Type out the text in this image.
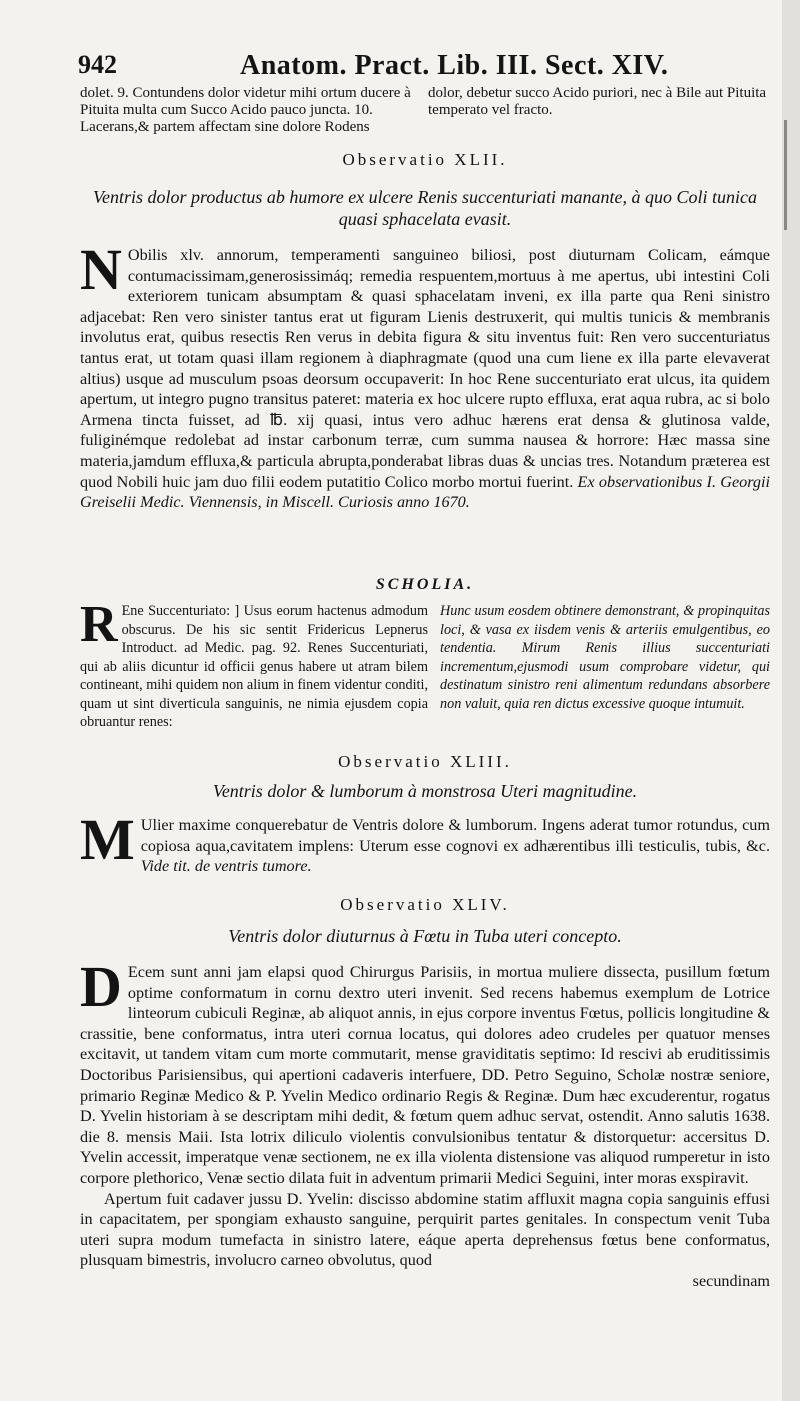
942	Anatom. Pract. Lib. III. Sect. XIV.
dolet. 9. Contundens dolor videtur mihi ortum ducere à Pituita multa cum Succo Acido pauco juncta. 10. Lacerans,& partem affectam sine dolore Rodens
dolor, debetur succo Acido puriori, nec à Bile aut Pituita temperato vel fracto.
Observatio XLII.
Ventris dolor productus ab humore ex ulcere Renis succenturiati manante, à quo Coli tunica quasi sphacelata evasit.

N Obilis xlv. annorum, temperamenti sanguineo biliosi, post diuturnam Colicam, eámque contumacissimam,generosissimáq; remedia respuentem,mortuus à me apertus, ubi intestini Coli exteriorem tunicam absumptam & quasi sphacelatam inveni, ex illa parte qua Reni sinistro adjacebat: Ren vero sinister tantus erat ut figuram Lienis destruxerit, qui multis tunicis & membranis involutus erat, quibus resectis Ren verus in debita figura & situ inventus fuit: Ren vero succenturiatus tantus erat, ut totam quasi illam regionem à diaphragmate (quod una cum liene ex illa parte elevaverat altius) usque ad musculum psoas deorsum occupaverit: In hoc Rene succenturiato erat ulcus, ita quidem apertum, ut integro pugno transitus pateret: materia ex hoc ulcere rupto effluxa, erat aqua rubra, ac si bolo Armena tincta fuisset, ad ℔. xij quasi, intus vero adhuc hærens erat densa & glutinosa valde, fuliginémque redolebat ad instar carbonum terræ, cum summa nausea & horrore: Hæc massa sine materia,jamdum effluxa,& particula abrupta,ponderabat libras duas & uncias tres. Notandum præterea est quod Nobili huic jam duo filii eodem putatitio Colico morbo mortui fuerint. Ex observationibus I. Georgii Greiselii Medic. Viennensis, in Miscell. Curiosis anno 1670.

SCHOLIA.
R Ene Succenturiato: ] Usus eorum hactenus admodum obscurus. De his sic sentit Fridericus Lepnerus Introduct. ad Medic. pag. 92. Renes Succenturiati, qui ab aliis dicuntur id officii genus habere ut atram bilem contineant, mihi quidem non alium in finem videntur conditi, quam ut sint diverticula sanguinis, ne nimia ejusdem copia obruantur renes:
Hunc usum eosdem obtinere demonstrant, & propinquitas loci, & vasa ex iisdem venis & arteriis emulgentibus, eo tendentia. Mirum Renis illius succenturiati incrementum,ejusmodi usum comprobare videtur, qui destinatum sinistro reni alimentum redundans absorbere non valuit, quia ren dictus excessive quoque intumuit.
Observatio XLIII.
Ventris dolor & lumborum à monstrosa Uteri magnitudine.

M Ulier maxime conquerebatur de Ventris dolore & lumborum. Ingens aderat tumor rotundus, cum copiosa aqua,cavitatem implens: Uterum esse cognovi ex adhærentibus illi testiculis, tubis, &c. Vide tit. de ventris tumore.

Observatio XLIV.
Ventris dolor diuturnus à Fœtu in Tuba uteri concepto.

D Ecem sunt anni jam elapsi quod Chirurgus Parisiis, in mortua muliere dissecta, pusillum fœtum optime conformatum in cornu dextro uteri invenit. Sed recens habemus exemplum de Lotrice linteorum cubiculi Reginæ, ab aliquot annis, in ejus corpore inventus Fœtus, pollicis longitudine & crassitie, bene conformatus, intra uteri cornua locatus, qui dolores adeo crudeles per quatuor menses excitavit, ut tandem vitam cum morte commutarit, mense graviditatis septimo: Id rescivi ab eruditissimis Doctoribus Parisiensibus, qui apertioni cadaveris interfuere, DD. Petro Seguino, Scholæ nostræ seniore, primario Reginæ Medico & P. Yvelin Medico ordinario Regis & Reginæ. Dum hæc excuderentur, rogatus D. Yvelin historiam à se descriptam mihi dedit, & fœtum quem adhuc servat, ostendit. Anno salutis 1638. die 8. mensis Maii. Ista lotrix diliculo violentis convulsionibus tentatur & distorquetur: accersitus D. Yvelin accessit, imperatque venæ sectionem, ne ex illa violenta distensione vas aliquod rumperetur in isto corpore plethorico, Venæ sectio dilata fuit in adventum primarii Medici Seguini, inter moras exspiravit.

Apertum fuit cadaver jussu D. Yvelin: discisso abdomine statim affluxit magna copia sanguinis effusi in capacitatem, per spongiam exhausto sanguine, perquirit partes genitales. In conspectum venit Tuba uteri supra modum tumefacta in sinistro latere, eáque aperta deprehensus fœtus bene conformatus, plusquam bimestris, involucro carneo obvolutus, quod

secundinam
